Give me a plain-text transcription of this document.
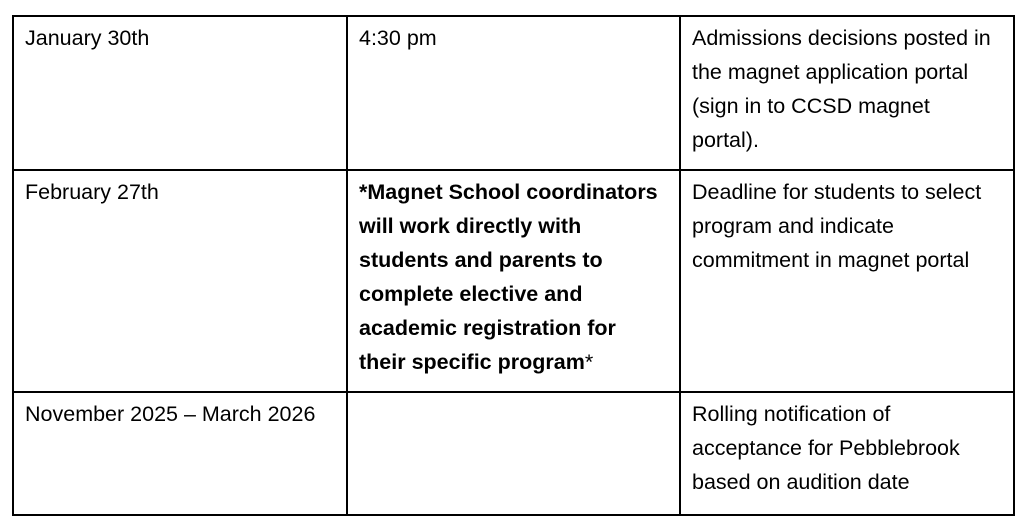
January 30th	4:30 pm	Admissions decisions posted in the magnet application portal (sign in to CCSD magnet portal).
February 27th	*Magnet School coordinators will work directly with students and parents to complete elective and academic registration for their specific program*	Deadline for students to select program and indicate commitment in magnet portal
November 2025 – March 2026		Rolling notification of acceptance for Pebblebrook based on audition date
